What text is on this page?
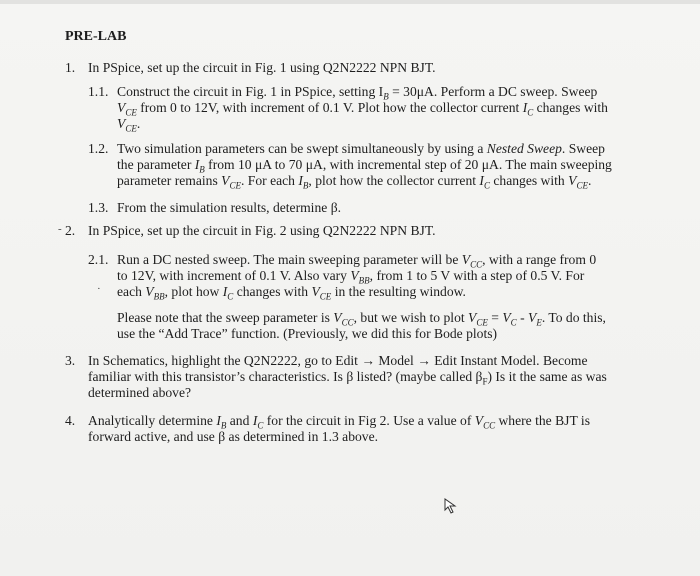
PRE-LAB
1. In PSpice, set up the circuit in Fig. 1 using Q2N2222 NPN BJT.
1.1. Construct the circuit in Fig. 1 in PSpice, setting $I_B = 30\mu A$. Perform a DC sweep. Sweep
$V_{CE}$ from 0 to 12V, with increment of 0.1 V. Plot how the collector current $I_C$ changes with
$V_{CE}$.
1.2. Two simulation parameters can be swept simultaneously by using a Nested Sweep. Sweep
the parameter $I_B$ from 10 μA to 70 μA, with incremental step of 20 μA. The main sweeping
parameter remains $V_{CE}$. For each $I_B$, plot how the collector current $I_C$ changes with $V_{CE}$.
1.3. From the simulation results, determine β.
- 2. In PSpice, set up the circuit in Fig. 2 using Q2N2222 NPN BJT.
2.1. Run a DC nested sweep. The main sweeping parameter will be $V_{CC}$, with a range from 0
to 12V, with increment of 0.1 V. Also vary $V_{BB}$, from 1 to 5 V with a step of 0.5 V. For
· each $V_{BB}$, plot how $I_C$ changes with $V_{CE}$ in the resulting window.
Please note that the sweep parameter is $V_{CC}$, but we wish to plot $V_{CE} = V_C - V_E$. To do this,
use the “Add Trace” function. (Previously, we did this for Bode plots)
3. In Schematics, highlight the Q2N2222, go to Edit → Model → Edit Instant Model. Become
familiar with this transistor’s characteristics. Is β listed? (maybe called $\beta_F$) Is it the same as was
determined above?
4. Analytically determine $I_B$ and $I_C$ for the circuit in Fig 2. Use a value of $V_{CC}$ where the BJT is
forward active, and use β as determined in 1.3 above.
